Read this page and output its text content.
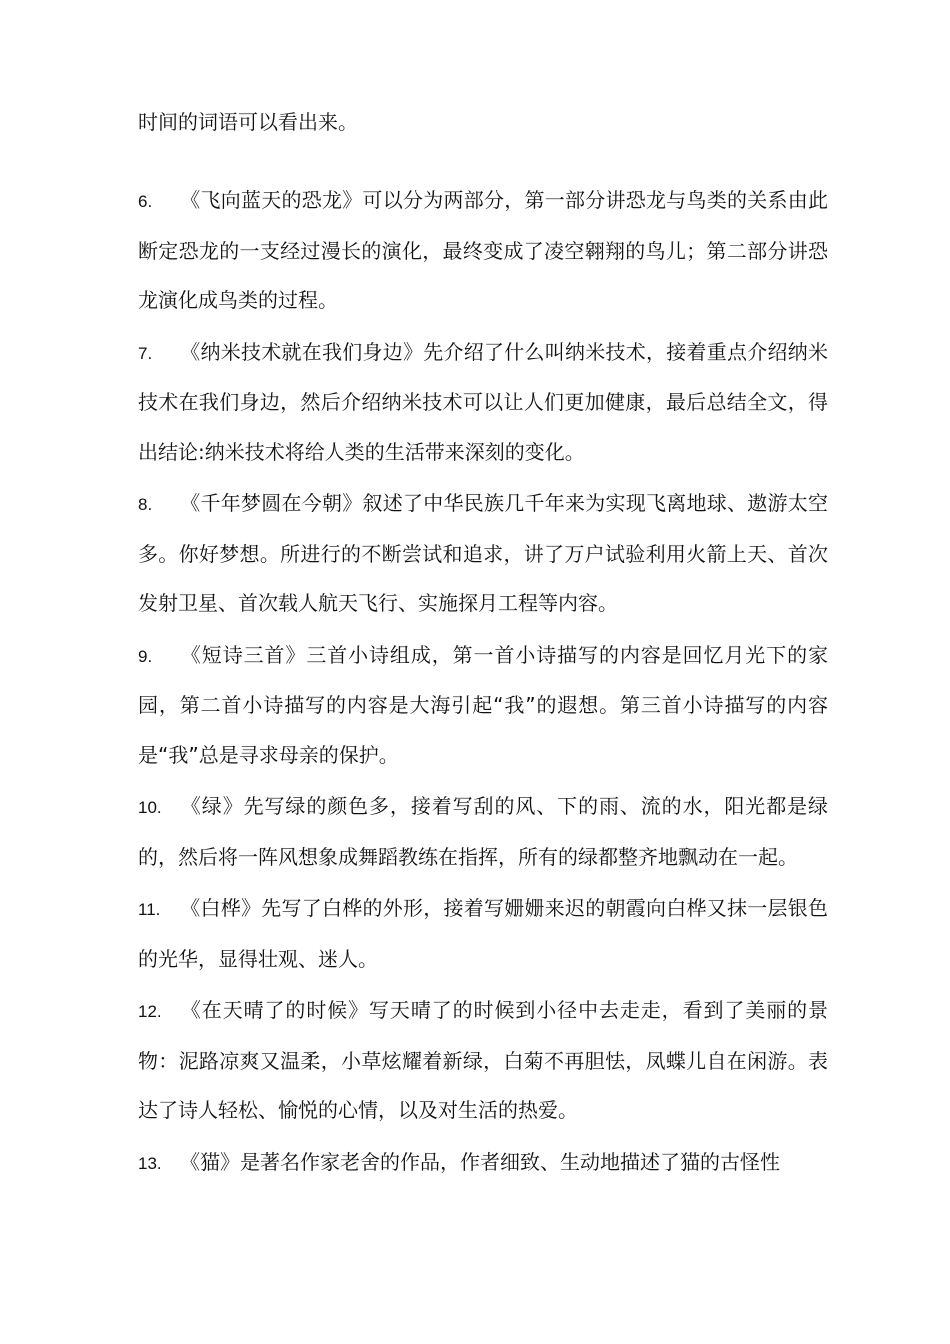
时间的词语可以看出来。

6. 《飞向蓝天的恐龙》可以分为两部分，第一部分讲恐龙与鸟类的关系由此断定恐龙的一支经过漫长的演化，最终变成了凌空翱翔的鸟儿；第二部分讲恐龙演化成鸟类的过程。

7. 《纳米技术就在我们身边》先介绍了什么叫纳米技术，接着重点介绍纳米技术在我们身边，然后介绍纳米技术可以让人们更加健康，最后总结全文，得出结论:纳米技术将给人类的生活带来深刻的变化。

8. 《千年梦圆在今朝》叙述了中华民族几千年来为实现飞离地球、遨游太空多。你好梦想。所进行的不断尝试和追求，讲了万户试验利用火箭上天、首次发射卫星、首次载人航天飞行、实施探月工程等内容。

9. 《短诗三首》三首小诗组成，第一首小诗描写的内容是回忆月光下的家园，第二首小诗描写的内容是大海引起“我”的遐想。第三首小诗描写的内容是“我”总是寻求母亲的保护。

10. 《绿》先写绿的颜色多，接着写刮的风、下的雨、流的水，阳光都是绿的，然后将一阵风想象成舞蹈教练在指挥，所有的绿都整齐地飘动在一起。

11. 《白桦》先写了白桦的外形，接着写姗姗来迟的朝霞向白桦又抹一层银色的光华，显得壮观、迷人。

12. 《在天晴了的时候》写天晴了的时候到小径中去走走，看到了美丽的景物：泥路凉爽又温柔，小草炫耀着新绿，白菊不再胆怯，凤蝶儿自在闲游。表达了诗人轻松、愉悦的心情，以及对生活的热爱。

13. 《猫》是著名作家老舍的作品，作者细致、生动地描述了猫的古怪性
